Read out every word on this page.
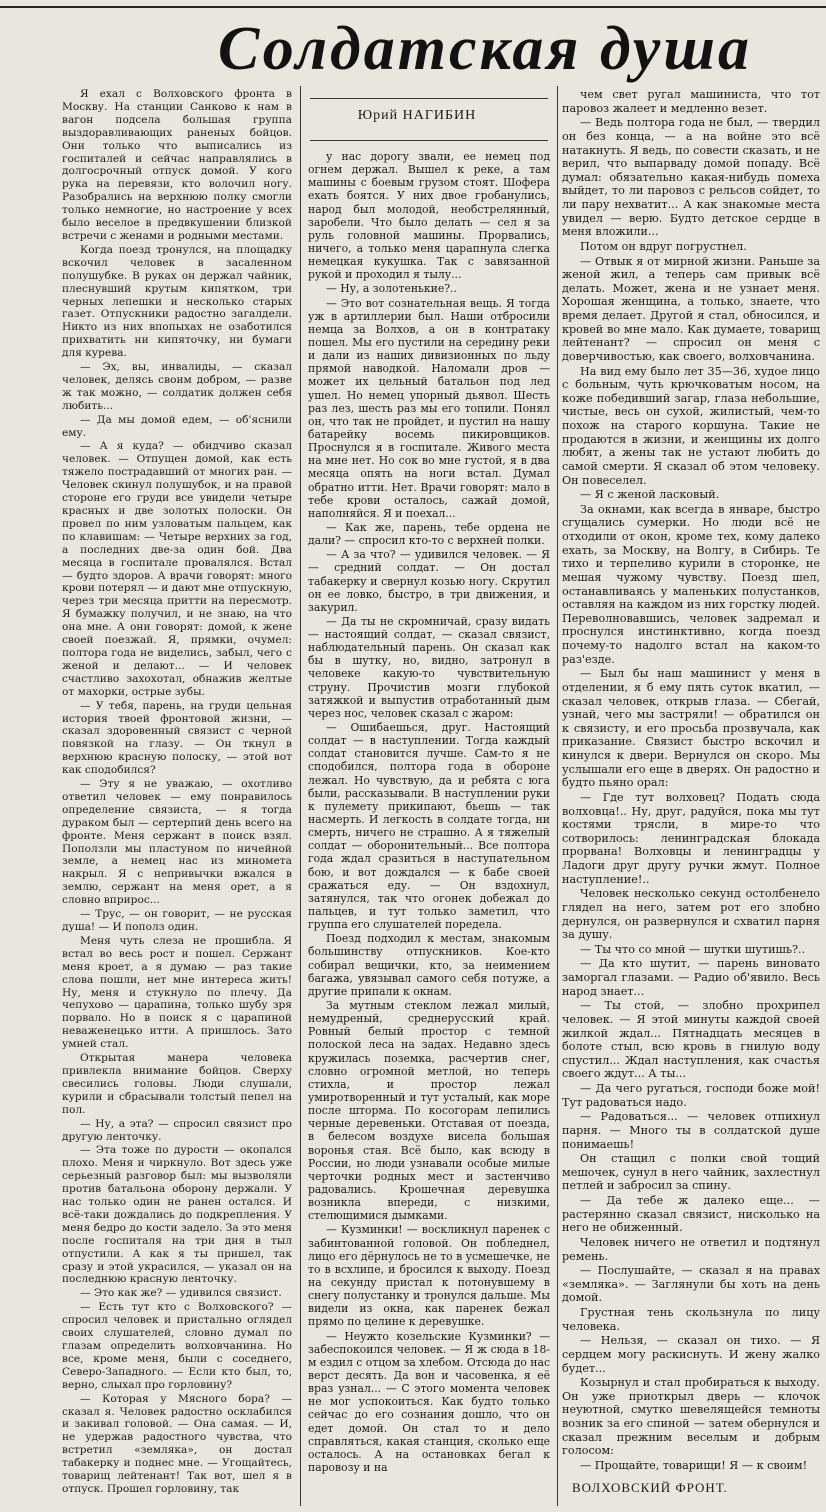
Солдатская душа
Юрий НАГИБИН

Я ехал с Волховского фронта в Москву. На станции Санково к нам в вагон подсела большая группа выздоравливающих раненых бойцов. Они только что выписались из госпиталей и сейчас направлялись в долгосрочный отпуск домой. У кого рука на перевязи, кто волочил ногу. Разобрались на верхнюю полку смогли только немногие, но настроение у всех было веселое в предвкушении близкой встречи с женами и родными местами.

Когда поезд тронулся, на площадку вскочил человек в засаленном полушубке. В руках он держал чайник, плеснувший крутым кипятком, три черных лепешки и несколько старых газет. Отпускники радостно загалдели. Никто из них впопыхах не озаботился прихватить ни кипяточку, ни бумаги для курева.

— Эх, вы, инвалиды, — сказал человек, делясь своим добром, — разве ж так можно, — солдатик должен себя любить...

— Да мы домой едем, — об'яснили ему.

— А я куда? — обидчиво сказал человек. — Отпущен домой, как есть тяжело пострадавший от многих ран. — Человек скинул полушубок, и на правой стороне его груди все увидели четыре красных и две золотых полоски. Он провел по ним узловатым пальцем, как по клавишам: — Четыре верхних за год, а последних две-за один бой. Два месяца в госпитале провалялся. Встал — будто здоров. А врачи говорят: много крови потерял — и дают мне отпускную, через три месяца притти на пересмотр. Я бумажку получил, и не знаю, на что она мне. А они говорят: домой, к жене своей поезжай. Я, прямки, очумел: полтора года не виделись, забыл, чего с женой и делают... — И человек счастливо захохотал, обнажив желтые от махорки, острые зубы.

— У тебя, парень, на груди цельная история твоей фронтовой жизни, — сказал здоровенный связист с черной повязкой на глазу. — Он ткнул в верхнюю красную полоску, — этой вот как сподобился?

— Эту я не уважаю, — охотливо ответил человек — ему понравилось определение связиста, — я тогда дураком был — сертерпий день всего на фронте. Меня сержант в поиск взял. Поползли мы пластуном по ничейной земле, а немец нас из миномета накрыл. Я с непривычки вжался в землю, сержант на меня орет, а я словно вприрос...

— Трус, — он говорит, — не русская душа! — И пополз один.

Меня чуть слеза не прошибла. Я встал во весь рост и пошел. Сержант меня кроет, а я думаю — раз такие слова пошли, нет мне интереса жить! Ну, меня и стукнуло по плечу. Да чепухово — царапина, только шубу зря порвало. Но в поиск я с царапиной неваженецько итти. А пришлось. Зато умней стал.

Открытая манера человека привлекла внимание бойцов. Сверху свесились головы. Люди слушали, курили и сбрасывали толстый пепел на пол.

— Ну, а эта? — спросил связист про другую ленточку.

— Эта тоже по дурости — окопался плохо. Меня и чиркнуло. Вот здесь уже серьезный разговор был: мы вызволяли против батальона оборону держали. У нас только один не ранен остался. И всё-таки дождались до подкрепления. У меня бедро до кости задело. За это меня после госпиталя на три дня в тыл отпустили. А как я ты пришел, так сразу и этой украсился, — указал он на последнюю красную ленточку.

— Это как же? — удивился связист.

— Есть тут кто с Волховского? — спросил человек и пристально оглядел своих слушателей, словно думал по глазам определить волховчанина. Но все, кроме меня, были с соседнего, Северо-Западного. — Если кто был, то, верно, слыхал про горловину?

— Которая у Мясного бора? — сказал я. Человек радостно осклабился и закивал головой. — Она самая. — И, не удержав радостного чувства, что встретил «земляка», он достал табакерку и поднес мне. — Угощайтесь, товарищ лейтенант! Так вот, шел я в отпуск. Прошел горловину, так

у нас дорогу звали, ее немец под огнем держал. Вышел к реке, а там машины с боевым грузом стоят. Шофера ехать боятся. У них двое гробанулись, народ был молодой, необстрелянный, заробели. Что было делать — сел я за руль головной машины. Прорвались, ничего, а только меня царапнула слегка немецкая кукушка. Так с завязанной рукой и проходил я тылу...

— Ну, а золотенькие?..

— Это вот сознательная вещь. Я тогда уж в артиллерии был. Наши отбросили немца за Волхов, а он в контратаку пошел. Мы его пустили на середину реки и дали из наших дивизионных по льду прямой наводкой. Наломали дров — может их цельный батальон под лед ушел. Но немец упорный дьявол. Шесть раз лез, шесть раз мы его топили. Понял он, что так не пройдет, и пустил на нашу батарейку восемь пикировщиков. Проснулся я в госпитале. Живого места на мне нет. Но сок во мне густой, я в два месяца опять на ноги встал. Думал обратно итти. Нет. Врачи говорят: мало в тебе крови осталось, сажай домой, наполняйся. Я и поехал...

— Как же, парень, тебе ордена не дали? — спросил кто-то с верхней полки.

— А за что? — удивился человек. — Я — средний солдат. — Он достал табакерку и свернул козью ногу. Скрутил он ее ловко, быстро, в три движения, и закурил.

— Да ты не скромничай, сразу видать — настоящий солдат, — сказал связист, наблюдательный парень. Он сказал как бы в шутку, но, видно, затронул в человеке какую-то чувствительную струну. Прочистив мозги глубокой затяжкой и выпустив отработанный дым через нос, человек сказал с жаром:

— Ошибаешься, друг. Настоящий солдат — в наступлении. Тогда каждый солдат становится лучше. Сам-то я не сподобился, полтора года в обороне лежал. Но чувствую, да и ребята с юга были, рассказывали. В наступлении руки к пулемету прикипают, бьешь — так насмерть. И легкость в солдате тогда, ни смерть, ничего не страшно. А я тяжелый солдат — оборонительный... Все полтора года ждал сразиться в наступательном бою, и вот дождался — к бабе своей сражаться еду. — Он вздохнул, затянулся, так что огонек добежал до пальцев, и тут только заметил, что группа его слушателей поредела.

Поезд подходил к местам, знакомым большинству отпускников. Кое-кто собирал вещички, кто, за неимением багажа, увязывал самого себя потуже, а другие припали к окнам.

За мутным стеклом лежал милый, немудреный, среднерусский край. Ровный белый простор с темной полоской леса на задах. Недавно здесь кружилась поземка, расчертив снег, словно огромной метлой, но теперь стихла, и простор лежал умиротворенный и тут усталый, как море после шторма. По косогорам лепились черные деревеньки. Отставая от поезда, в белесом воздухе висела большая воронья стая. Всё было, как всюду в России, но люди узнавали особые милые черточки родных мест и застенчиво радовались. Крошечная деревушка возникла впереди, с низкими, стелющимися дымками.

— Кузминки! — воскликнул паренек с забинтованной головой. Он побледнел, лицо его дёрнулось не то в усмешечке, не то в всхлипе, и бросился к выходу. Поезд на секунду пристал к потонувшему в снегу полустанку и тронулся дальше. Мы видели из окна, как паренек бежал прямо по целине к деревушке.

— Неужто козельские Кузминки? — забеспокоился человек. — Я ж сюда в 18-м ездил с отцом за хлебом. Отсюда до нас верст десять. Да вон и часовенка, я её враз узнал... — С этого момента человек не мог успокоиться. Как будто только сейчас до его сознания дошло, что он едет домой. Он стал то и дело справляться, какая станция, сколько еще осталось. А на остановках бегал к паровозу и на

чем свет ругал машиниста, что тот паровоз жалеет и медленно везет.

— Ведь полтора года не был, — твердил он без конца, — а на войне это всё натакнуть. Я ведь, по совести сказать, и не верил, что выпарваду домой попаду. Всё думал: обязательно какая-нибудь помеха выйдет, то ли паровоз с рельсов сойдет, то ли пару нехватит... А как знакомые места увидел — верю. Будто детское сердце в меня вложили...

Потом он вдруг погрустнел.

— Отвык я от мирной жизни. Раньше за женой жил, а теперь сам привык всё делать. Может, жена и не узнает меня. Хорошая женщина, а только, знаете, что время делает. Другой я стал, обносился, и кровей во мне мало. Как думаете, товарищ лейтенант? — спросил он меня с доверчивостью, как своего, волховчанина.

На вид ему было лет 35—36, худое лицо с больным, чуть крючковатым носом, на коже победивший загар, глаза небольшие, чистые, весь он сухой, жилистый, чем-то похож на старого коршуна. Такие не продаются в жизни, и женщины их долго любят, а жены так не устают любить до самой смерти. Я сказал об этом человеку. Он повеселел.

— Я с женой ласковый.

За окнами, как всегда в январе, быстро сгущались сумерки. Но люди всё не отходили от окон, кроме тех, кому далеко ехать, за Москву, на Волгу, в Сибирь. Те тихо и терпеливо курили в сторонке, не мешая чужому чувству. Поезд шел, останавливаясь у маленьких полустанков, оставляя на каждом из них горстку людей. Переволновавшись, человек задремал и проснулся инстинктивно, когда поезд почему-то надолго встал на каком-то раз'езде.

— Был бы наш машинист у меня в отделении, я б ему пять суток вкатил, — сказал человек, открыв глаза. — Сбегай, узнай, чего мы застряли! — обратился он к связисту, и его просьба прозвучала, как приказание. Связист быстро вскочил и кинулся к двери. Вернулся он скоро. Мы услышали его еще в дверях. Он радостно и будто пьяно орал:

— Где тут волховец? Подать сюда волховца!.. Ну, друг, радуйся, пока мы тут костями трясли, в мире-то что сотворилось: ленинградская блокада прорвана! Волховцы и ленинградцы у Ладоги друг другу ручки жмут. Полное наступление!..

Человек несколько секунд остолбенело глядел на него, затем рот его злобно дернулся, он развернулся и схватил парня за душу.

— Ты что со мной — шутки шутишь?..

— Да кто шутит, — парень виновато заморгал глазами. — Радио об'явило. Весь народ знает...

— Ты стой, — злобно прохрипел человек. — Я этой минуты каждой своей жилкой ждал... Пятнадцать месяцев в болоте стыл, всю кровь в гнилую воду спустил... Ждал наступления, как счастья своего ждут... А ты...

— Да чего ругаться, господи боже мой! Тут радоваться надо.

— Радоваться... — человек отпихнул парня. — Много ты в солдатской душе понимаешь!

Он стащил с полки свой тощий мешочек, сунул в него чайник, захлестнул петлей и забросил за спину.

— Да тебе ж далеко еще... — растерянно сказал связист, нисколько на него не обиженный.

Человек ничего не ответил и подтянул ремень.

— Послушайте, — сказал я на правах «земляка». — Заглянули бы хоть на день домой.

Грустная тень скользнула по лицу человека.

— Нельзя, — сказал он тихо. — Я сердцем могу раскиснуть. И жену жалко будет...

Козырнул и стал пробираться к выходу. Он уже приоткрыл дверь — клочок неуютной, смутко шевелящейся темноты возник за его спиной — затем обернулся и сказал прежним веселым и добрым голосом:

— Прощайте, товарищи! Я — к своим!

ВОЛХОВСКИЙ ФРОНТ.
